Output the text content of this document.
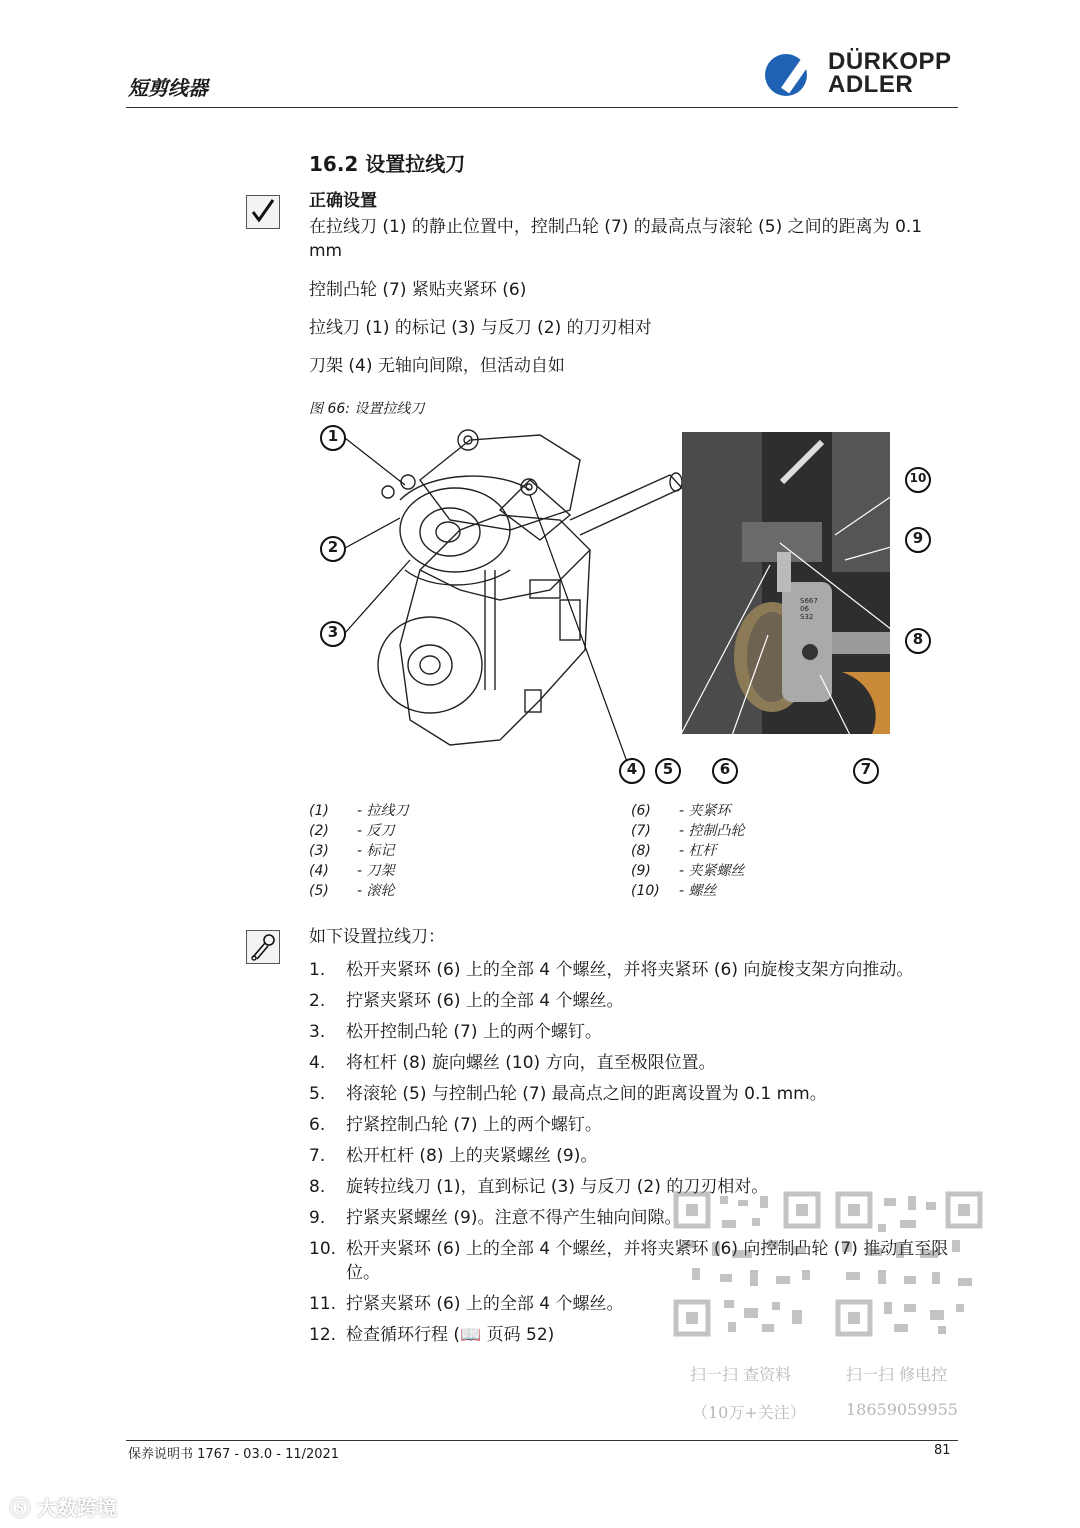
短剪线器
DÜRKOPP
ADLER
16.2 设置拉线刀
正确设置
在拉线刀 (1) 的静止位置中，控制凸轮 (7) 的最高点与滚轮 (5) 之间的距离为 0.1 mm
控制凸轮 (7) 紧贴夹紧环 (6)
拉线刀 (1) 的标记 (3) 与反刀 (2) 的刀刃相对
刀架 (4) 无轴向间隙，但活动自如
图 66: 设置拉线刀
S667
06
S32
1
2
3
4	5	6	7
8
9
10
(1) - 拉线刀
(2) - 反刀
(3) - 标记
(4) - 刀架
(5) - 滚轮
(6) - 夹紧环
(7) - 控制凸轮
(8) - 杠杆
(9) - 夹紧螺丝
(10) - 螺丝
如下设置拉线刀：
1. 松开夹紧环 (6) 上的全部 4 个螺丝，并将夹紧环 (6) 向旋梭支架方向推动。
2. 拧紧夹紧环 (6) 上的全部 4 个螺丝。
3. 松开控制凸轮 (7) 上的两个螺钉。
4. 将杠杆 (8) 旋向螺丝 (10) 方向，直至极限位置。
5. 将滚轮 (5) 与控制凸轮 (7) 最高点之间的距离设置为 0.1 mm。
6. 拧紧控制凸轮 (7) 上的两个螺钉。
7. 松开杠杆 (8) 上的夹紧螺丝 (9)。
8. 旋转拉线刀 (1)，直到标记 (3) 与反刀 (2) 的刀刃相对。
9. 拧紧夹紧螺丝 (9)。注意不得产生轴向间隙。
10. 松开夹紧环 (6) 上的全部 4 个螺丝，并将夹紧环 (6) 向控制凸轮 (7) 推动直至限位。
11. 拧紧夹紧环 (6) 上的全部 4 个螺丝。
12. 检查循环行程 (📖 页码 52)
扫一扫 查资料	扫一扫 修电控
（10万+关注）	18659059955
保养说明书 1767 - 03.0 - 11/2021	81
ⓢ 大数跨境
